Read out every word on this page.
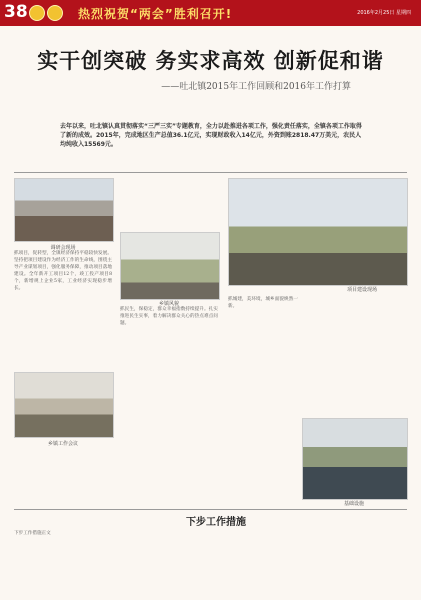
38	热烈祝贺“两会”胜利召开!	2016年2月25日 星期四
实干创突破 务实求高效 创新促和谐
——吐北镇2015年工作回顾和2016年工作打算
去年以来，吐北镇认真贯彻落实“三严三实”专题教育，全力以赴推进各项工作，强化责任落实，全镇各项工作取得了新的成效。2015年，完成地区生产总值36.1亿元，实现财政收入14亿元，外资到账2818.47万美元，农民人均纯收入15569元。
调研会现场
项目建设现场
乡镇风貌
乡镇工作会议
基础设施
抓项目，促转型，全镇经济保持平稳较快发展。坚持把项目建设作为经济工作的生命线，围绕主导产业谋划项目，强化服务保障，推动项目落地建设。全年新开工项目12个，竣工投产项目8个，新增规上企业5家，工业经济实现稳步增长。
抓民生，保稳定，群众幸福指数持续提升。扎实推进民生实事，着力解决群众关心的热点难点问题。
抓城建，美环境，城乡面貌焕然一新。
下步工作措施
下步工作措施正文
